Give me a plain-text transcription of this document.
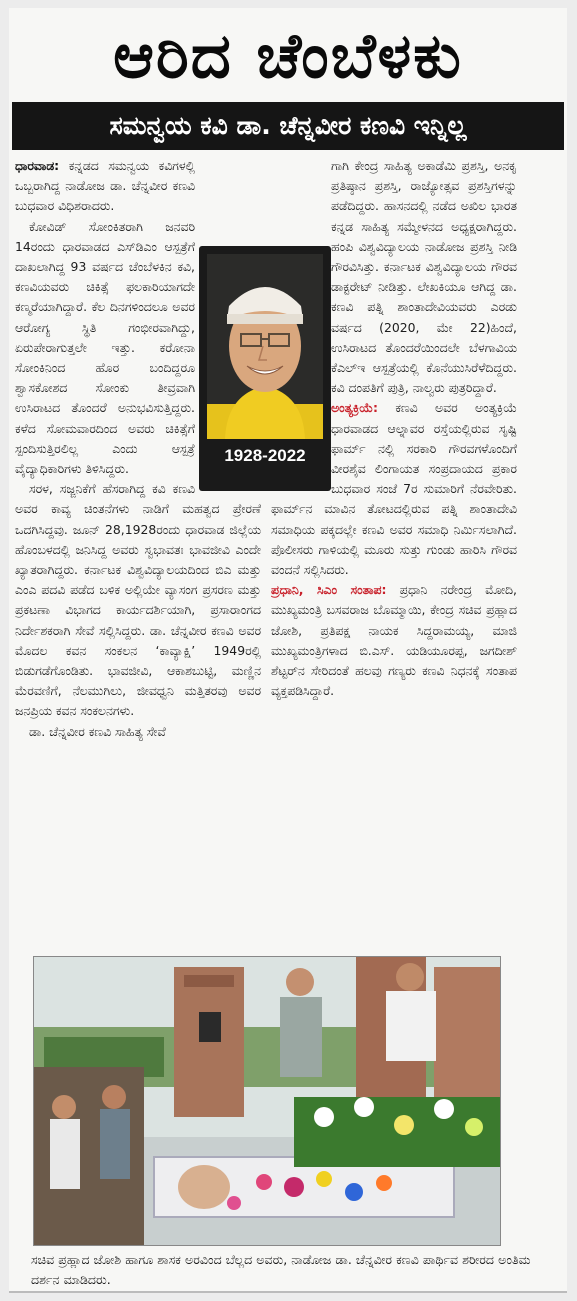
ಆರಿದ ಚೆಂಬೆಳಕು
ಸಮನ್ವಯ ಕವಿ ಡಾ. ಚೆನ್ನವೀರ ಕಣವಿ ಇನ್ನಿಲ್ಲ

ಧಾರವಾಡ: ಕನ್ನಡದ ಸಮನ್ವಯ ಕವಿಗಳಲ್ಲಿ ಒಬ್ಬರಾಗಿದ್ದ ನಾಡೋಜ ಡಾ. ಚೆನ್ನವೀರ ಕಣವಿ ಬುಧವಾರ ವಿಧಿಶರಾದರು.

ಕೋವಿಡ್ ಸೋಂಕಿತರಾಗಿ ಜನವರಿ 14ರಂದು ಧಾರವಾಡದ ಎಸ್‌ಡಿಎಂ ಆಸ್ಪತ್ರೆಗೆ ದಾಖಲಾಗಿದ್ದ 93 ವರ್ಷದ ಚೆಂಬೆಳಕಿನ ಕವಿ, ಕಣವಿಯವರು ಚಿಕಿತ್ಸೆ ಫಲಕಾರಿಯಾಗದೇ ಕಣ್ಮರೆಯಾಗಿದ್ದಾರೆ. ಕೆಲ ದಿನಗಳಿಂದಲೂ ಅವರ ಆರೋಗ್ಯ ಸ್ಥಿತಿ ಗಂಭೀರವಾಗಿದ್ದು, ಏರುಪೇರಾಗುತ್ತಲೇ ಇತ್ತು. ಕರೋನಾ ಸೋಂಕಿನಿಂದ ಹೊರ ಬಂದಿದ್ದರೂ ಶ್ವಾಸಕೋಶದ ಸೋಂಕು ತೀವ್ರವಾಗಿ ಉಸಿರಾಟದ ತೊಂದರೆ ಅನುಭವಿಸುತ್ತಿದ್ದರು. ಕಳೆದ ಸೋಮವಾರದಿಂದ ಅವರು ಚಿಕಿತ್ಸೆಗೆ ಸ್ಪಂದಿಸುತ್ತಿರಲಿಲ್ಲ ಎಂದು ಆಸ್ಪತ್ರೆ ವೈದ್ಯಾಧಿಕಾರಿಗಳು ತಿಳಿಸಿದ್ದರು.

ಸರಳ, ಸಜ್ಜನಿಕೆಗೆ ಹೆಸರಾಗಿದ್ದ ಕವಿ ಕಣವಿ ಅವರ ಕಾವ್ಯ ಚಿಂತನೆಗಳು ನಾಡಿಗೆ ಮಹತ್ವದ ಪ್ರೇರಣೆ ಒದಗಿಸಿದ್ದವು. ಜೂನ್ 28,1928ರಂದು ಧಾರವಾಡ ಜಿಲ್ಲೆಯ ಹೊಂಬಳದಲ್ಲಿ ಜನಿಸಿದ್ದ ಅವರು ಸ್ವಭಾವತಃ ಭಾವಜೀವಿ ಎಂದೇ ಖ್ಯಾತರಾಗಿದ್ದರು. ಕರ್ನಾಟಕ ವಿಶ್ವವಿದ್ಯಾಲಯದಿಂದ ಬಿಎ ಮತ್ತು ಎಂಎ ಪದವಿ ಪಡೆದ ಬಳಿಕ ಅಲ್ಲಿಯೇ ವ್ಯಾಸಂಗ ಪ್ರಸರಣ ಮತ್ತು ಪ್ರಕಟಣಾ ವಿಭಾಗದ ಕಾರ್ಯದರ್ಶಿಯಾಗಿ, ಪ್ರಸಾರಾಂಗದ ನಿರ್ದೇಶಕರಾಗಿ ಸೇವೆ ಸಲ್ಲಿಸಿದ್ದರು. ಡಾ. ಚೆನ್ನವೀರ ಕಣವಿ ಅವರ ಮೊದಲ ಕವನ ಸಂಕಲನ ‘ಕಾವ್ಯಾಕ್ಷಿ’ 1949ರಲ್ಲಿ ಬಿಡುಗಡೆಗೊಂಡಿತು. ಭಾವಜೀವಿ, ಆಕಾಶಬುಟ್ಟಿ, ಮಣ್ಣಿನ ಮೆರವಣಿಗೆ, ನೆಲಮುಗಿಲು, ಜೀವಧ್ವನಿ ಮತ್ತಿತರವು ಅವರ ಜನಪ್ರಿಯ ಕವನ ಸಂಕಲನಗಳು.

ಡಾ. ಚೆನ್ನವೀರ ಕಣವಿ ಸಾಹಿತ್ಯ ಸೇವೆ

ಗಾಗಿ ಕೇಂದ್ರ ಸಾಹಿತ್ಯ ಅಕಾಡೆಮಿ ಪ್ರಶಸ್ತಿ, ಅನಕೃ ಪ್ರತಿಷ್ಠಾನ ಪ್ರಶಸ್ತಿ, ರಾಜ್ಯೋತ್ಸವ ಪ್ರಶಸ್ತಿಗಳನ್ನು ಪಡೆದಿದ್ದರು. ಹಾಸನದಲ್ಲಿ ನಡೆದ ಅಖಿಲ ಭಾರತ ಕನ್ನಡ ಸಾಹಿತ್ಯ ಸಮ್ಮೇಳನದ ಅಧ್ಯಕ್ಷರಾಗಿದ್ದರು. ಹಂಪಿ ವಿಶ್ವವಿದ್ಯಾಲಯ ನಾಡೋಜ ಪ್ರಶಸ್ತಿ ನೀಡಿ ಗೌರವಿಸಿತ್ತು. ಕರ್ನಾಟಕ ವಿಶ್ವವಿದ್ಯಾಲಯ ಗೌರವ ಡಾಕ್ಟರೇಟ್ ನೀಡಿತ್ತು. ಲೇಖಕಿಯೂ ಆಗಿದ್ದ ಡಾ. ಕಣವಿ ಪತ್ನಿ ಶಾಂತಾದೇವಿಯವರು ಎರಡು ವರ್ಷದ (2020, ಮೇ 22)ಹಿಂದೆ, ಉಸಿರಾಟದ ತೊಂದರೆಯಿಂದಲೇ ಬೆಳಗಾವಿಯ ಕೆಎಲ್‌ಇ ಆಸ್ಪತ್ರೆಯಲ್ಲಿ ಕೊನೆಯುಸಿರೆಳೆದಿದ್ದರು. ಕವಿ ದಂಪತಿಗೆ ಪುತ್ರಿ, ನಾಲ್ವರು ಪುತ್ರರಿದ್ದಾರೆ.

ಅಂತ್ಯಕ್ರಿಯೆ: ಕಣವಿ ಅವರ ಅಂತ್ಯಕ್ರಿಯೆ ಧಾರವಾಡದ ಆಲ್ನಾವರ ರಸ್ತೆಯಲ್ಲಿರುವ ಸೃಷ್ಟಿ ಫಾರ್ಮ್‌ ನಲ್ಲಿ ಸರಕಾರಿ ಗೌರವಗಳೊಂದಿಗೆ ವೀರಶೈವ ಲಿಂಗಾಯತ ಸಂಪ್ರದಾಯದ ಪ್ರಕಾರ ಬುಧವಾರ ಸಂಜೆ 7ರ ಸುಮಾರಿಗೆ ನೆರವೇರಿತು. ಫಾರ್ಮ್‌ನ ಮಾವಿನ ತೋಟದಲ್ಲಿರುವ ಪತ್ನಿ ಶಾಂತಾದೇವಿ ಸಮಾಧಿಯ ಪಕ್ಕದಲ್ಲೇ ಕಣವಿ ಅವರ ಸಮಾಧಿ ನಿರ್ಮಿಸಲಾಗಿದೆ. ಪೊಲೀಸರು ಗಾಳಿಯಲ್ಲಿ ಮೂರು ಸುತ್ತು ಗುಂಡು ಹಾರಿಸಿ ಗೌರವ ವಂದನೆ ಸಲ್ಲಿಸಿದರು.

ಪ್ರಧಾನಿ, ಸಿಎಂ ಸಂತಾಪ: ಪ್ರಧಾನಿ ನರೇಂದ್ರ ಮೋದಿ, ಮುಖ್ಯಮಂತ್ರಿ ಬಸವರಾಜ ಬೊಮ್ಮಾಯಿ, ಕೇಂದ್ರ ಸಚಿವ ಪ್ರಹ್ಲಾದ ಜೋಶಿ, ಪ್ರತಿಪಕ್ಷ ನಾಯಕ ಸಿದ್ದರಾಮಯ್ಯ, ಮಾಜಿ ಮುಖ್ಯಮಂತ್ರಿಗಳಾದ ಬಿ.ಎಸ್. ಯಡಿಯೂರಪ್ಪ, ಜಗದೀಶ್ ಶೆಟ್ಟರ್‌ನ ಸೇರಿದಂತೆ ಹಲವು ಗಣ್ಯರು ಕಣವಿ ನಿಧನಕ್ಕೆ ಸಂತಾಪ ವ್ಯಕ್ತಪಡಿಸಿದ್ದಾರೆ.

1928-2022
ಸಚಿವ ಪ್ರಹ್ಲಾದ ಜೋಶಿ ಹಾಗೂ ಶಾಸಕ ಅರವಿಂದ ಬೆಲ್ಲದ ಅವರು, ನಾಡೋಜ ಡಾ. ಚೆನ್ನವೀರ ಕಣವಿ ಪಾರ್ಥಿವ ಶರೀರದ ಅಂತಿಮ ದರ್ಶನ ಮಾಡಿದರು.
